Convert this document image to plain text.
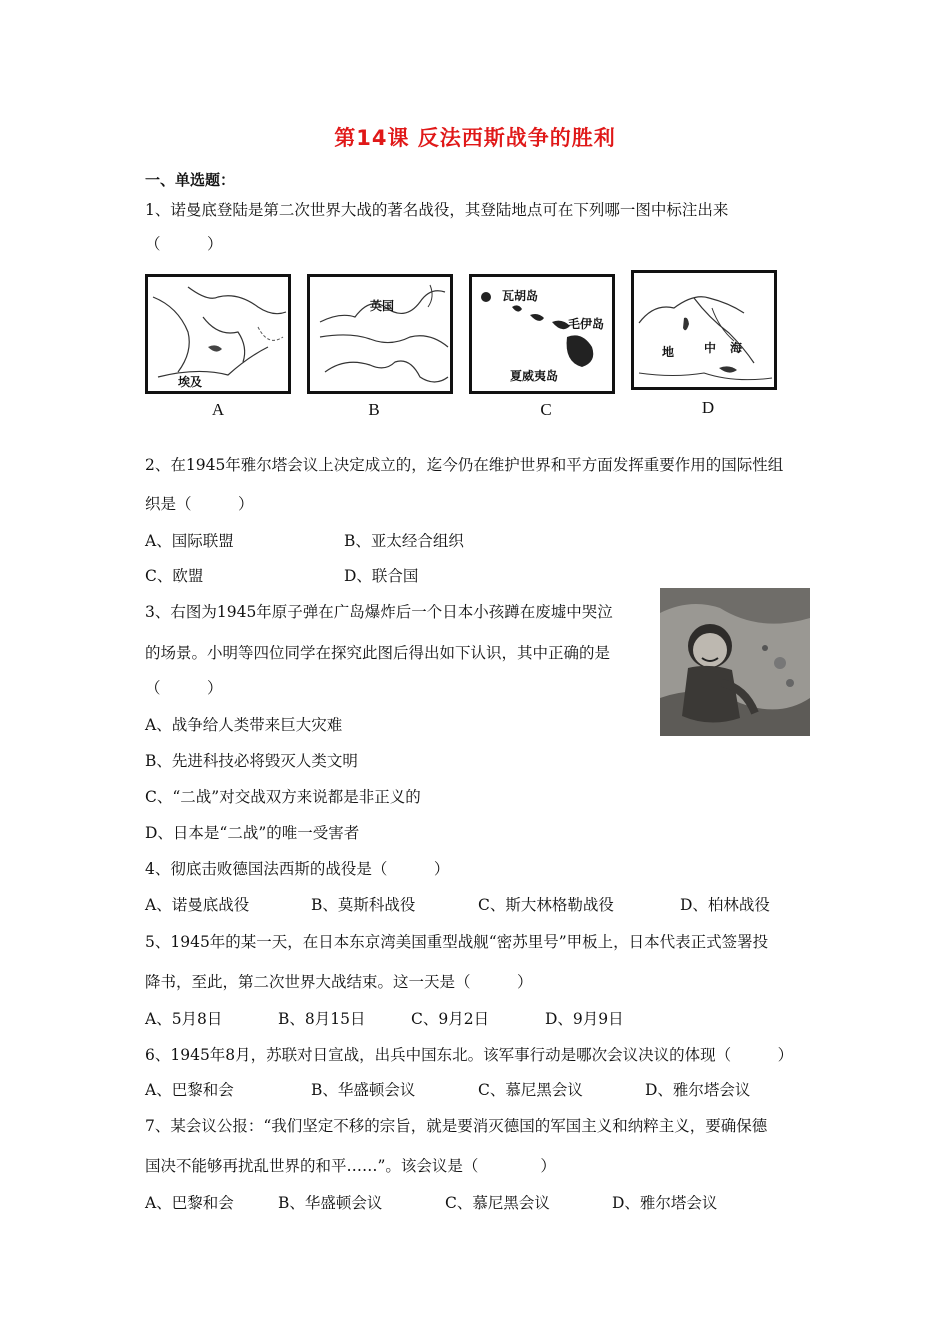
第14课 反法西斯战争的胜利
一、单选题：
1、诺曼底登陆是第二次世界大战的著名战役，其登陆地点可在下列哪一图中标注出来
（　　　）
埃及
A
英国
B
瓦胡岛
毛伊岛
夏威夷岛
C
地 中 海
D
2、在1945年雅尔塔会议上决定成立的，迄今仍在维护世界和平方面发挥重要作用的国际性组
织是（　　　）
A、国际联盟	B、亚太经合组织
C、欧盟	D、联合国
3、右图为1945年原子弹在广岛爆炸后一个日本小孩蹲在废墟中哭泣
的场景。小明等四位同学在探究此图后得出如下认识，其中正确的是
（　　　）
A、战争给人类带来巨大灾难
B、先进科技必将毁灭人类文明
C、“二战”对交战双方来说都是非正义的
D、日本是“二战”的唯一受害者
4、彻底击败德国法西斯的战役是（　　　）
A、诺曼底战役	B、莫斯科战役	C、斯大林格勒战役	D、柏林战役
5、1945年的某一天，在日本东京湾美国重型战舰“密苏里号”甲板上，日本代表正式签署投
降书，至此，第二次世界大战结束。这一天是（　　　）
A、5月8日	B、8月15日	C、9月2日	D、9月9日
6、1945年8月，苏联对日宣战，出兵中国东北。该军事行动是哪次会议决议的体现（　　　）
A、巴黎和会	B、华盛顿会议	C、慕尼黑会议	D、雅尔塔会议
7、某会议公报：“我们坚定不移的宗旨，就是要消灭德国的军国主义和纳粹主义，要确保德
国决不能够再扰乱世界的和平……”。该会议是（　　　　）
A、巴黎和会	B、华盛顿会议	C、慕尼黑会议	D、雅尔塔会议
